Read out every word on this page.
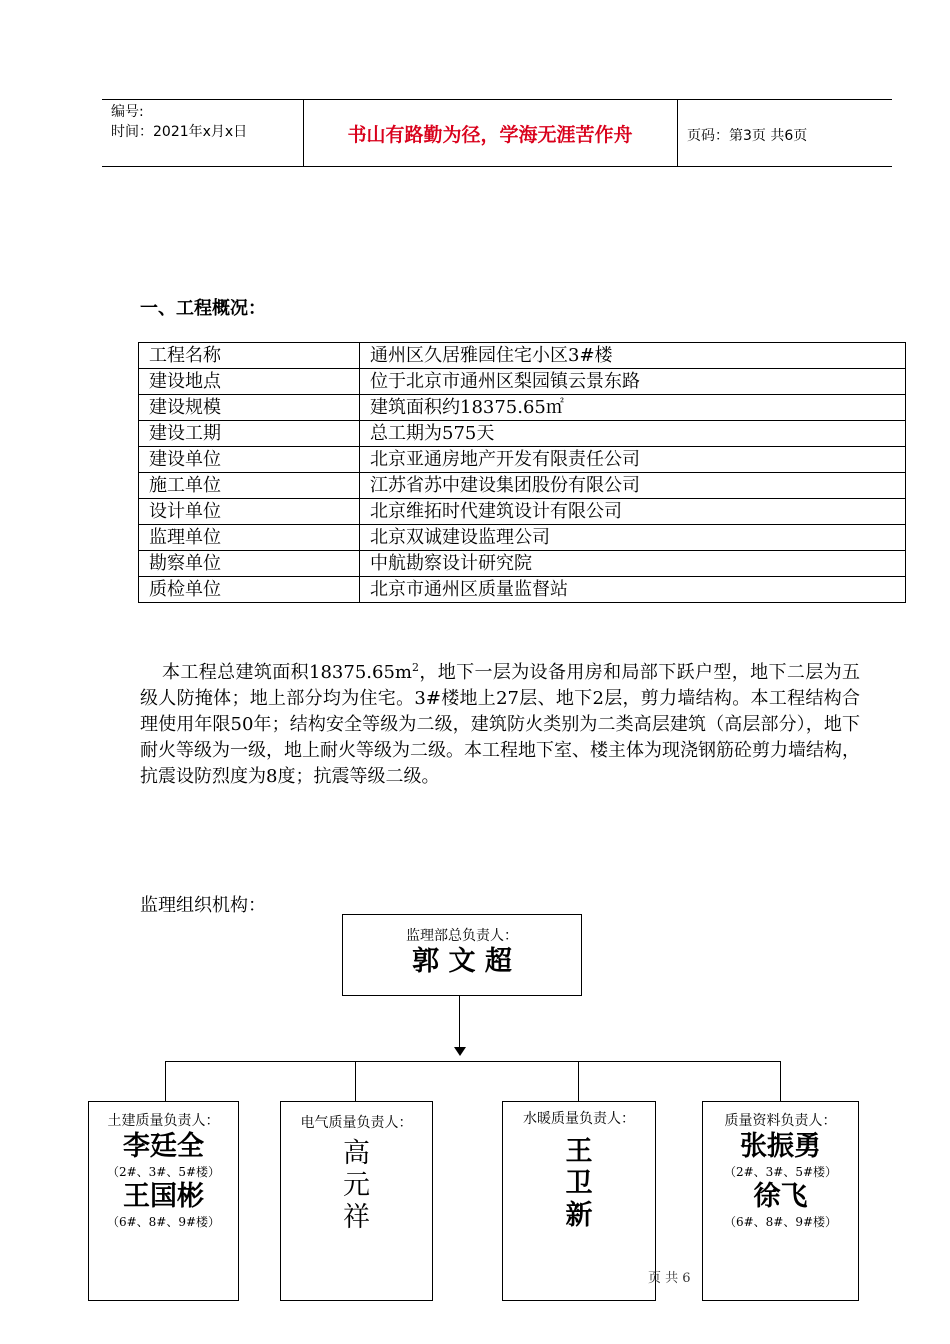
编号:
时间：2021年x月x日	书山有路勤为径，学海无涯苦作舟	页码：第3页 共6页
一、工程概况：
工程名称	通州区久居雅园住宅小区3#楼
建设地点	位于北京市通州区梨园镇云景东路
建设规模	建筑面积约18375.65㎡
建设工期	总工期为575天
建设单位	北京亚通房地产开发有限责任公司
施工单位	江苏省苏中建设集团股份有限公司
设计单位	北京维拓时代建筑设计有限公司
监理单位	北京双诚建设监理公司
勘察单位	中航勘察设计研究院
质检单位	北京市通州区质量监督站
本工程总建筑面积$18375.65m^2$，地下一层为设备用房和局部下跃户型，地下二层为五级人防掩体；地上部分均为住宅。3#楼地上27层、地下2层，剪力墙结构。本工程结构合理使用年限50年；结构安全等级为二级，建筑防火类别为二类高层建筑（高层部分），地下耐火等级为一级，地上耐火等级为二级。本工程地下室、楼主体为现浇钢筋砼剪力墙结构，抗震设防烈度为8度；抗震等级二级。
监理组织机构：
监理部总负责人：
郭 文 超
土建质量负责人：
李廷全
（2#、3#、5#楼）
王国彬
（6#、8#、9#楼）
电气质量负责人：
高
元
祥
水暖质量负责人：
王
卫
新
质量资料负责人：
张振勇
（2#、3#、5#楼）
徐飞
（6#、8#、9#楼）
页 共 6
